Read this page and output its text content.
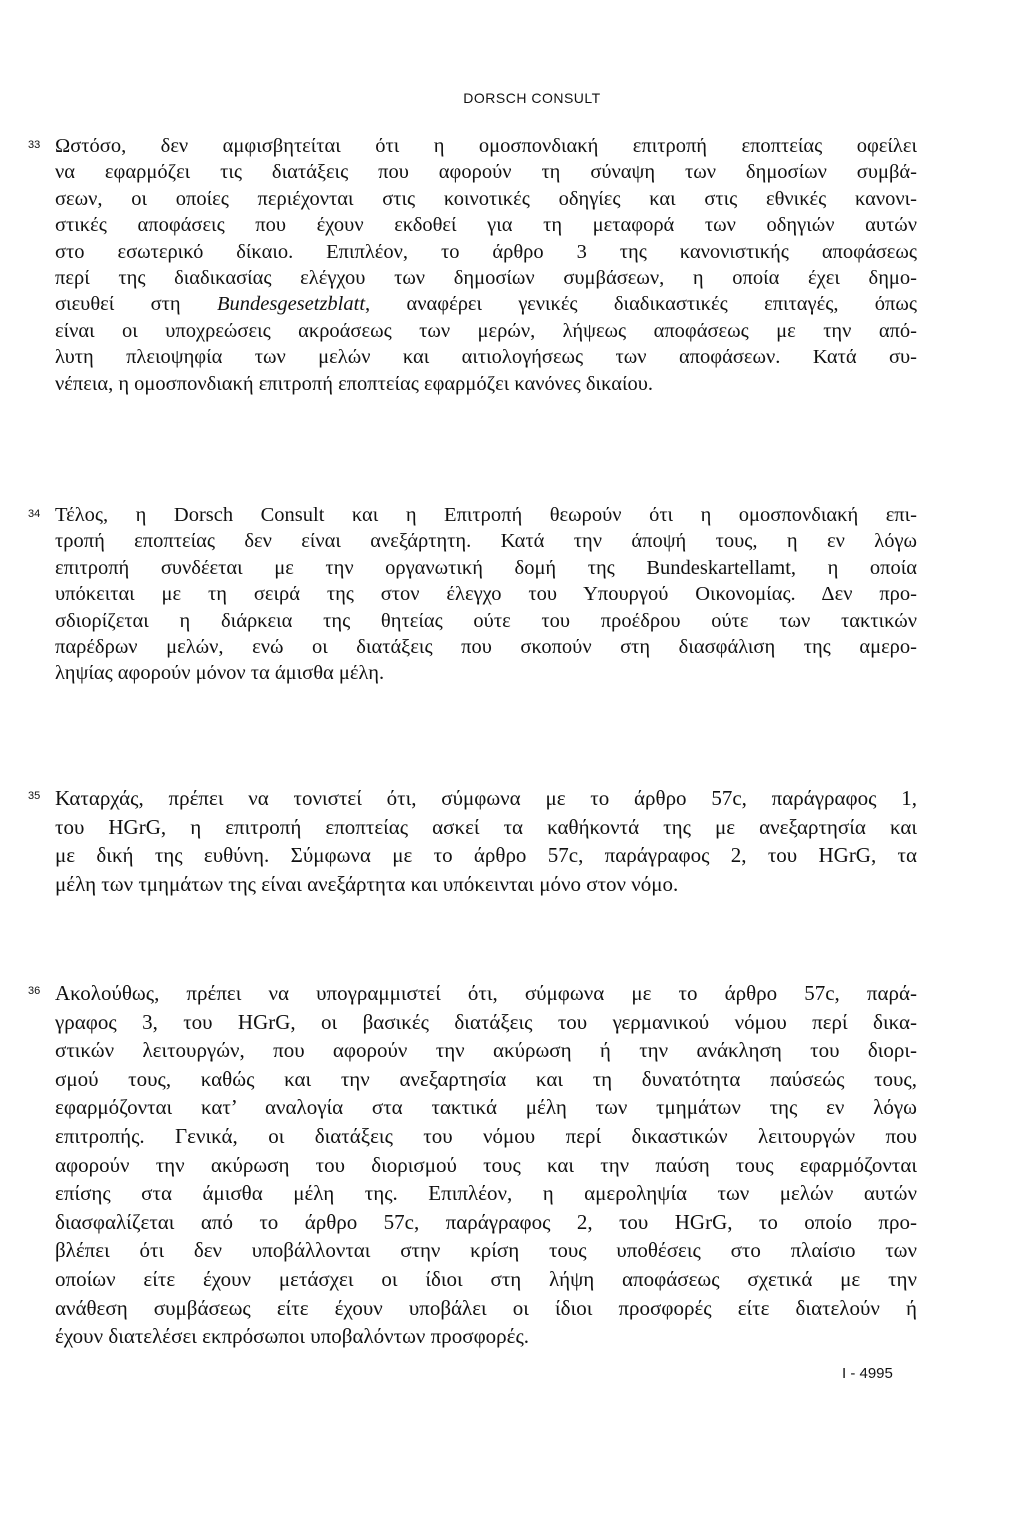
DORSCH CONSULT
33 Ωστόσο, δεν αμφισβητείται ότι η ομοσπονδιακή επιτροπή εποπτείας οφείλει
να εφαρμόζει τις διατάξεις που αφορούν τη σύναψη των δημοσίων συμβά-
σεων, οι οποίες περιέχονται στις κοινοτικές οδηγίες και στις εθνικές κανονι-
στικές αποφάσεις που έχουν εκδοθεί για τη μεταφορά των οδηγιών αυτών
στο εσωτερικό δίκαιο. Επιπλέον, το άρθρο 3 της κανονιστικής αποφάσεως
περί της διαδικασίας ελέγχου των δημοσίων συμβάσεων, η οποία έχει δημο-
σιευθεί στη Bundesgesetzblatt, αναφέρει γενικές διαδικαστικές επιταγές, όπως
είναι οι υποχρεώσεις ακροάσεως των μερών, λήψεως αποφάσεως με την από-
λυτη πλειοψηφία των μελών και αιτιολογήσεως των αποφάσεων. Κατά συ-
νέπεια, η ομοσπονδιακή επιτροπή εποπτείας εφαρμόζει κανόνες δικαίου.
34 Τέλος, η Dorsch Consult και η Επιτροπή θεωρούν ότι η ομοσπονδιακή επι-
τροπή εποπτείας δεν είναι ανεξάρτητη. Κατά την άποψή τους, η εν λόγω
επιτροπή συνδέεται με την οργανωτική δομή της Bundeskartellamt, η οποία
υπόκειται με τη σειρά της στον έλεγχο του Υπουργού Οικονομίας. Δεν προ-
σδιορίζεται η διάρκεια της θητείας ούτε του προέδρου ούτε των τακτικών
παρέδρων μελών, ενώ οι διατάξεις που σκοπούν στη διασφάλιση της αμερο-
ληψίας αφορούν μόνον τα άμισθα μέλη.
35 Καταρχάς, πρέπει να τονιστεί ότι, σύμφωνα με το άρθρο 57c, παράγραφος 1,
του HGrG, η επιτροπή εποπτείας ασκεί τα καθήκοντά της με ανεξαρτησία και
με δική της ευθύνη. Σύμφωνα με το άρθρο 57c, παράγραφος 2, του HGrG, τα
μέλη των τμημάτων της είναι ανεξάρτητα και υπόκεινται μόνο στον νόμο.
36 Ακολούθως, πρέπει να υπογραμμιστεί ότι, σύμφωνα με το άρθρο 57c, παρά-
γραφος 3, του HGrG, οι βασικές διατάξεις του γερμανικού νόμου περί δικα-
στικών λειτουργών, που αφορούν την ακύρωση ή την ανάκληση του διορι-
σμού τους, καθώς και την ανεξαρτησία και τη δυνατότητα παύσεώς τους,
εφαρμόζονται κατ’ αναλογία στα τακτικά μέλη των τμημάτων της εν λόγω
επιτροπής. Γενικά, οι διατάξεις του νόμου περί δικαστικών λειτουργών που
αφορούν την ακύρωση του διορισμού τους και την παύση τους εφαρμόζονται
επίσης στα άμισθα μέλη της. Επιπλέον, η αμεροληψία των μελών αυτών
διασφαλίζεται από το άρθρο 57c, παράγραφος 2, του HGrG, το οποίο προ-
βλέπει ότι δεν υποβάλλονται στην κρίση τους υποθέσεις στο πλαίσιο των
οποίων είτε έχουν μετάσχει οι ίδιοι στη λήψη αποφάσεως σχετικά με την
ανάθεση συμβάσεως είτε έχουν υποβάλει οι ίδιοι προσφορές είτε διατελούν ή
έχουν διατελέσει εκπρόσωποι υποβαλόντων προσφορές.
I - 4995
